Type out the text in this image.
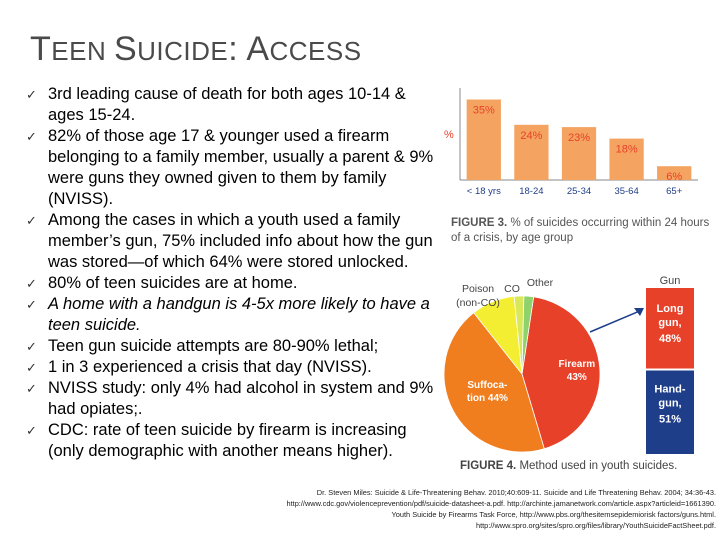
TEEN SUICIDE: ACCESS
✓ 3rd leading cause of death for both ages 10-14 & ages 15-24.
✓ 82% of those age 17 & younger used a firearm belonging to a family member, usually a parent & 9% were guns they owned given to them by family (NVISS).
✓ Among the cases in which a youth used a family member’s gun, 75% included info about how the gun was stored—of which 64% were stored unlocked.
✓ 80% of teen suicides are at home.
✓ A home with a handgun is 4-5x more likely to have a teen suicide.
✓ Teen gun suicide attempts are 80-90% lethal;
✓ 1 in 3 experienced a crisis that day (NVISS).
✓ NVISS study: only 4% had alcohol in system and 9% had opiates;.
✓ CDC: rate of teen suicide by firearm is increasing (only demographic with another means higher).
%
35%
< 18 yrs
24%
18-24
23%
25-34
18%
35-64
6%
65+
FIGURE 3. % of suicides occurring within 24 hours of a crisis, by age group
Firearm
43%
Suffoca-
tion 44%
Poison
(non-CO)
CO Other	Gun
Long
gun,
48%
Hand-
gun,
51%
FIGURE 4. Method used in youth suicides.
Dr. Steven Miles: Suicide & Life-Threatening Behav. 2010;40:609-11. Suicide and Life Threatening Behav. 2004; 34:36-43.
http://www.cdc.gov/violenceprevention/pdf/suicide-datasheet-a.pdf. http://archinte.jamanetwork.com/article.aspx?articleid=1661390.
Youth Suicide by Firearms Task Force, http://www.pbs.org/thesitemsepidemiorisk factors/guns.html.
http://www.spro.org/sites/spro.org/files/library/YouthSuicideFactSheet.pdf.
